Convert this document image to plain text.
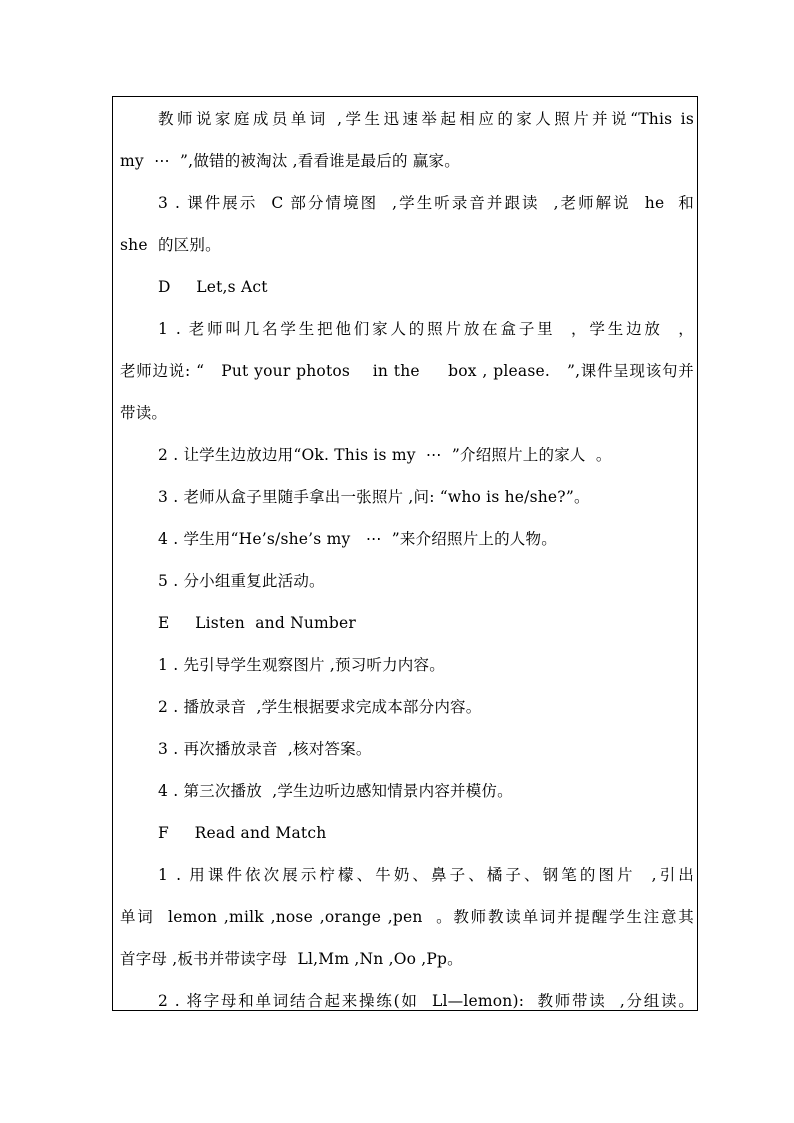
教师说家庭成员单词 ,学生迅速举起相应的家人照片并说“This is
my  ⋯  ”,做错的被淘汰 ,看看谁是最后的 赢家。
3 . 课件展示  C 部分情境图  ,学生听录音并跟读  ,老师解说  he  和
she  的区别。
D     Let,s Act
1 . 老师叫几名学生把他们家人的照片放在盒子里  ，学生边放  ，
老师边说: “   Put your photos    in the     box , please.   ”,课件呈现该句并
带读。
2 . 让学生边放边用“Ok. This is my  ⋯  ”介绍照片上的家人  。
3 . 老师从盒子里随手拿出一张照片 ,问: “who is he/she?”。
4 . 学生用“He’s/she’s my   ⋯  ”来介绍照片上的人物。
5 . 分小组重复此活动。
E     Listen  and Number
1 . 先引导学生观察图片 ,预习听力内容。
2 . 播放录音  ,学生根据要求完成本部分内容。
3 . 再次播放录音  ,核对答案。
4 . 第三次播放  ,学生边听边感知情景内容并模仿。
F     Read and Match
1 . 用课件依次展示柠檬、牛奶、鼻子、橘子、钢笔的图片  ,引出
单词  lemon ,milk ,nose ,orange ,pen  。教师教读单词并提醒学生注意其
首字母 ,板书并带读字母  Ll,Mm ,Nn ,Oo ,Pp。
2 . 将字母和单词结合起来操练(如  Ll—lemon):  教师带读  ,分组读。
